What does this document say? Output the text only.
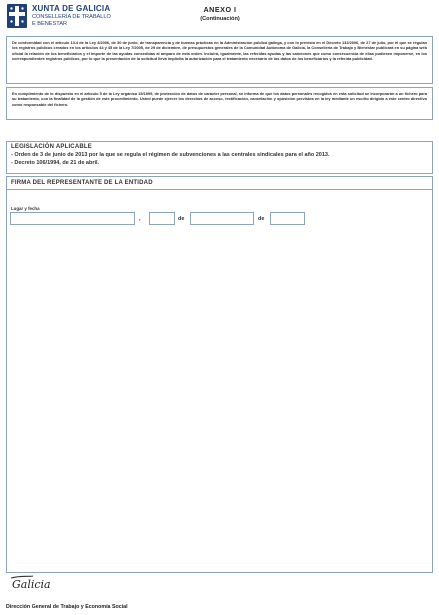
XUNTA DE GALICIA
CONSELLERÍA DE TRABALLO
E BENESTAR
ANEXO I
(Continuación)

De conformidad con el artículo 13.4 de la Ley 4/2006, de 30 de junio, de transparencia y de buenas prácticas en la Administración pública gallega, y con lo previsto en el Decreto 132/2006, de 27 de julio, por el que se regulan los registros públicos creados en los artículos 44 y 45 de la Ley 7/2005, de 29 de diciembre, de presupuestos generales de la Comunidad Autónoma de Galicia, la Consellería de Trabajo y Bienestar publicará en su página web oficial la relación de los beneficiarios y el importe de las ayudas concedidas al amparo de esta orden. Incluirá, igualmente, las referidas ayudas y las sanciones que como consecuencia de ellas pudiesen imponerse, en los correspondientes registros públicos, por lo que la presentación de la solicitud lleva implícita la autorización para el tratamiento necesario de los datos de los beneficiarios y la referida publicidad.

En cumplimiento de lo dispuesto en el artículo 5 de la Ley orgánica 15/1999, de protección de datos de carácter personal, se informa de que los datos personales recogidos en esta solicitud se incorporarán a un fichero para su tratamiento, con la finalidad de la gestión de este procedimiento. Usted puede ejercer los derechos de acceso, rectificación, cancelación y oposición previstos en la ley mediante un escrito dirigido a este centro directivo como responsable del fichero.

LEGISLACIÓN APLICABLE
- Orden de 3 de junio de 2013 por la que se regula el régimen de subvenciones a las centrales sindicales para el año 2013.
- Decreto 106/1994, de 21 de abril.
FIRMA DEL REPRESENTANTE DE LA ENTIDAD
Lugar y fecha
,	de	de
Galicia
Dirección General de Trabajo y Economía Social
